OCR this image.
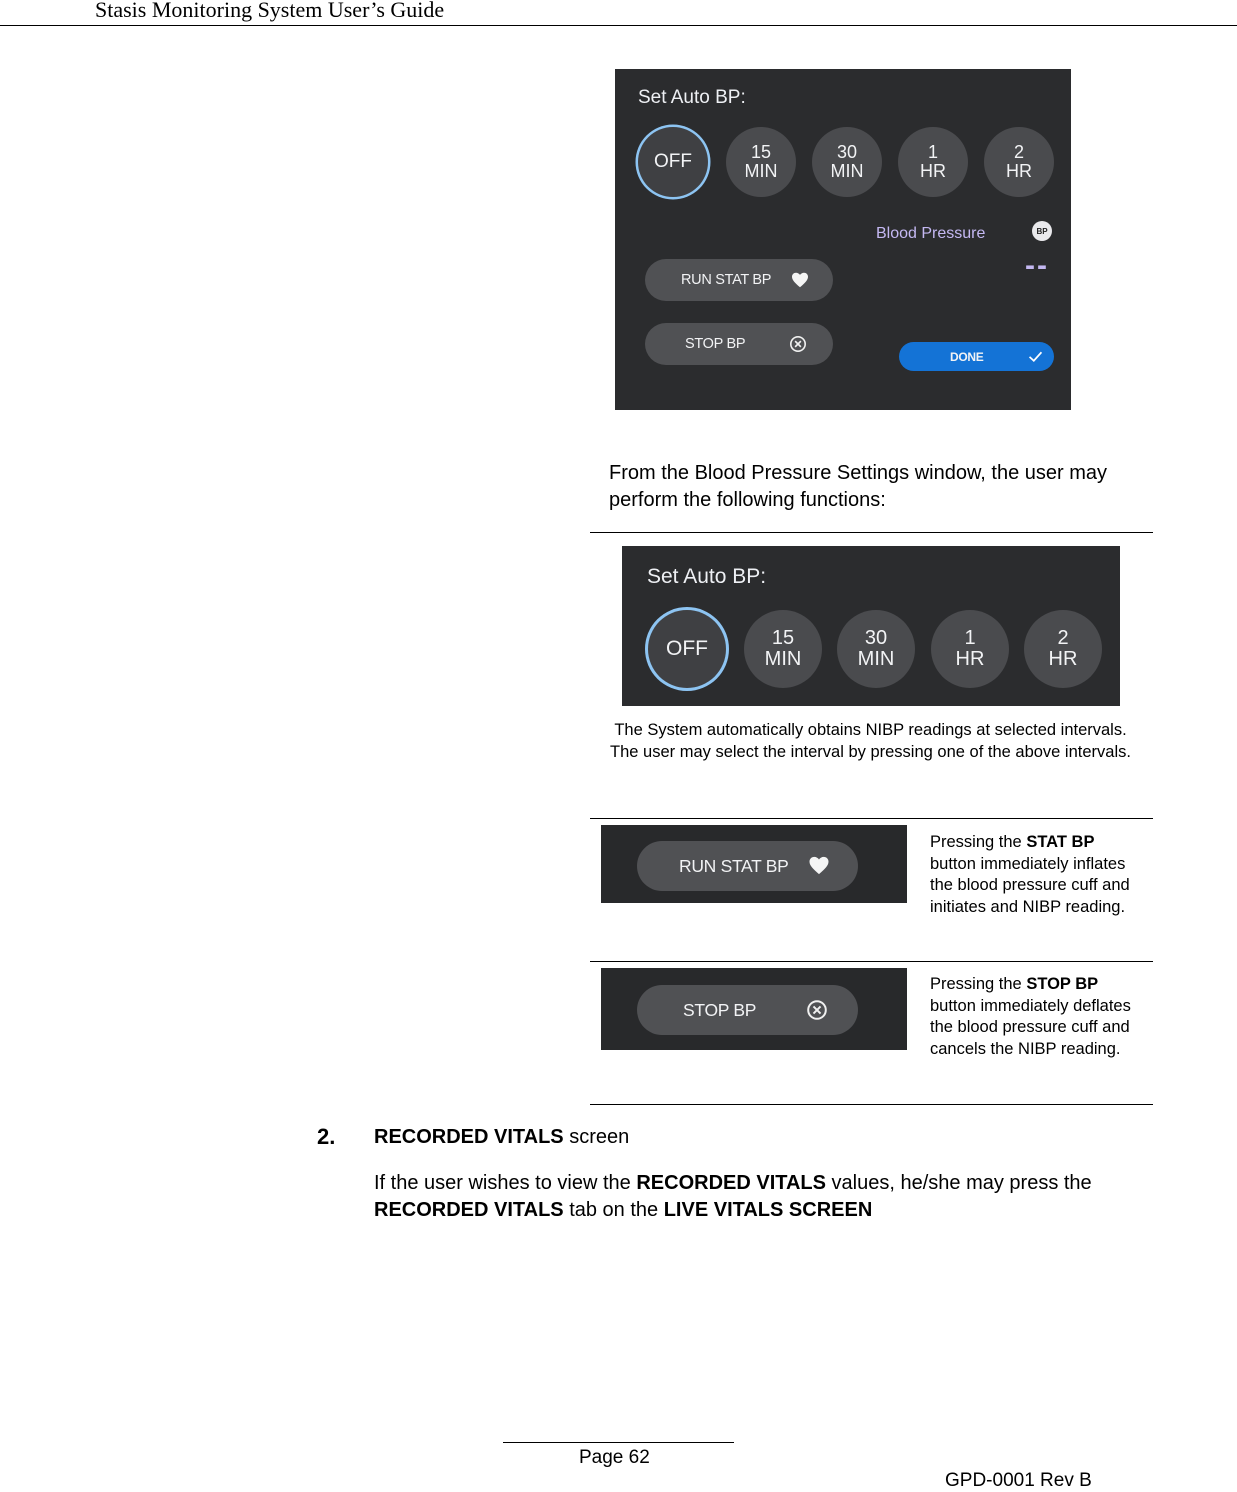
Stasis Monitoring System User’s Guide
Set Auto BP:
OFF	15
MIN
30
MIN
1
HR
2
HR
Blood Pressure	BP
--
RUN STAT BP
STOP BP
DONE
From the Blood Pressure Settings window, the user may perform the following functions:
Set Auto BP:
OFF	15
MIN
30
MIN
1
HR
2
HR
The System automatically obtains NIBP readings at selected intervals. The user may select the interval by pressing one of the above intervals.
RUN STAT BP
Pressing the STAT BP button immediately inflates the blood pressure cuff and initiates and NIBP reading.
STOP BP
Pressing the STOP BP button immediately deflates the blood pressure cuff and cancels the NIBP reading.
2. RECORDED VITALS screen
If the user wishes to view the RECORDED VITALS values, he/she may press the RECORDED VITALS tab on the LIVE VITALS SCREEN
Page 62
GPD-0001 Rev B
